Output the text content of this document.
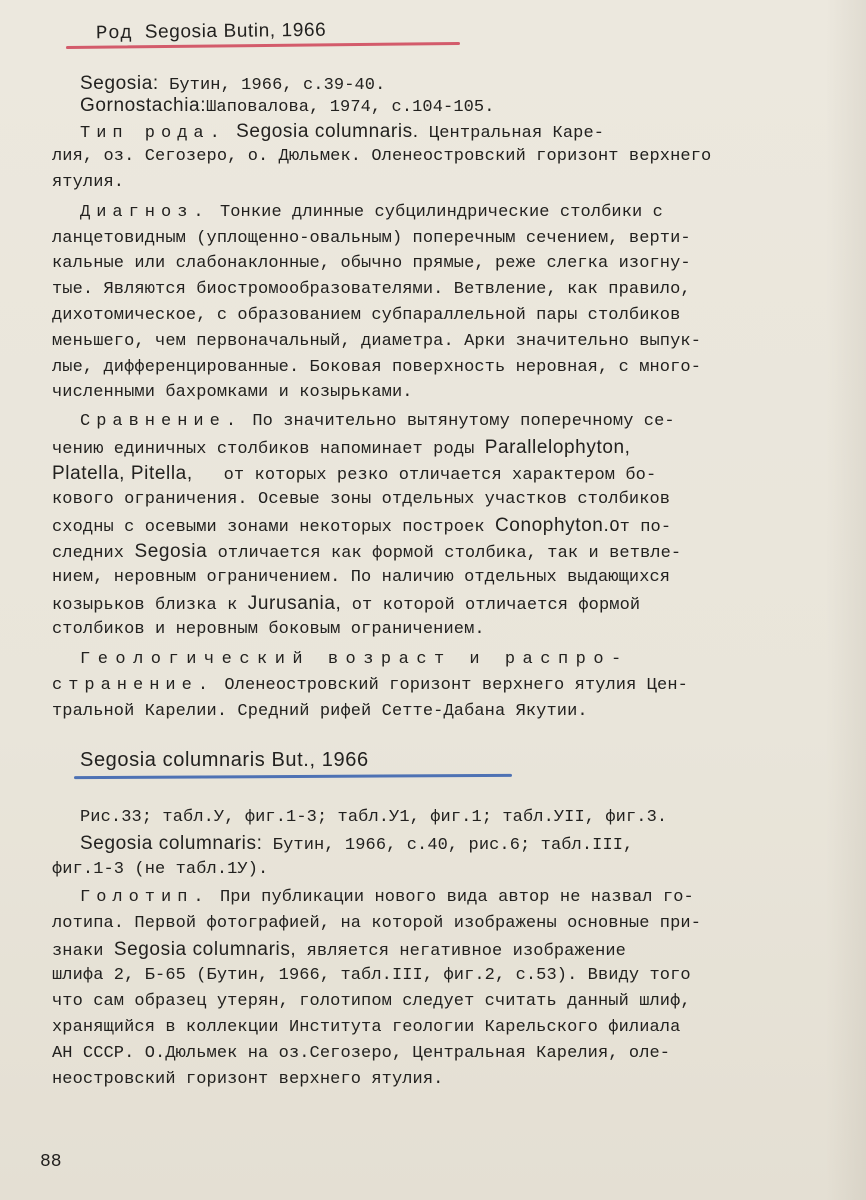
Род Segosia Butin, 1966

Segosia: Бутин, 1966, с.39-40.

Gornostachia:Шаповалова, 1974, с.104-105.

Тип рода. Segosia columnaris. Центральная Каре-

лия, оз. Сегозеро, о. Дюльмек. Оленеостровский горизонт верхнего

ятулия.

Диагноз. Тонкие длинные субцилиндрические столбики с

ланцетовидным (уплощенно-овальным) поперечным сечением, верти-

кальные или слабонаклонные, обычно прямые, реже слегка изогну-

тые. Являются биостромообразователями. Ветвление, как правило,

дихотомическое, с образованием субпараллельной пары столбиков

меньшего, чем первоначальный, диаметра. Арки значительно выпук-

лые, дифференцированные. Боковая поверхность неровная, с много-

численными бахромками и козырьками.

Сравнение. По значительно вытянутому поперечному се-

чению единичных столбиков напоминает роды Parallelophyton,

Platella, Pitella, от которых резко отличается характером бо-

кового ограничения. Осевые зоны отдельных участков столбиков

сходны с осевыми зонами некоторых построек Conophyton.От по-

следних Segosia отличается как формой столбика, так и ветвле-

нием, неровным ограничением. По наличию отдельных выдающихся

козырьков близка к Jurusania, от которой отличается формой

столбиков и неровным боковым ограничением.

Геологический возраст и распро-

странение. Оленеостровский горизонт верхнего ятулия Цен-

тральной Карелии. Средний рифей Сетте-Дабана Якутии.

Segosia columnaris But., 1966

Рис.33; табл.У, фиг.1-3; табл.У1, фиг.1; табл.УII, фиг.3.

Segosia columnaris: Бутин, 1966, с.40, рис.6; табл.III,

фиг.1-3 (не табл.1У).

Голотип. При публикации нового вида автор не назвал го-

лотипа. Первой фотографией, на которой изображены основные при-

знаки Segosia columnaris, является негативное изображение

шлифа 2, Б-65 (Бутин, 1966, табл.III, фиг.2, с.53). Ввиду того

что сам образец утерян, голотипом следует считать данный шлиф,

хранящийся в коллекции Института геологии Карельского филиала

АН СССР. О.Дюльмек на оз.Сегозеро, Центральная Карелия, оле-

неостровский горизонт верхнего ятулия.

88
